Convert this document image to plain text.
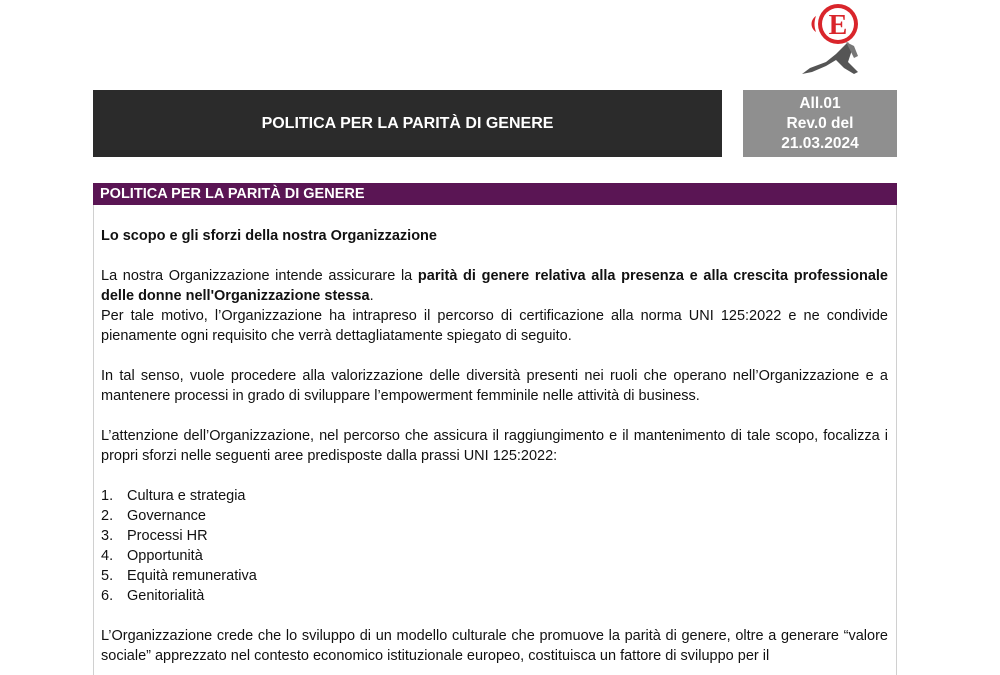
E
POLITICA PER LA PARITÀ DI GENERE
All.01
Rev.0 del
21.03.2024
POLITICA PER LA PARITÀ DI GENERE

Lo scopo e gli sforzi della nostra Organizzazione

La nostra Organizzazione intende assicurare la parità di genere relativa alla presenza e alla crescita professionale delle donne nell'Organizzazione stessa.

Per tale motivo, l’Organizzazione ha intrapreso il percorso di certificazione alla norma UNI 125:2022 e ne condivide pienamente ogni requisito che verrà dettagliatamente spiegato di seguito.

In tal senso, vuole procedere alla valorizzazione delle diversità presenti nei ruoli che operano nell’Organizzazione e a mantenere processi in grado di sviluppare l’empowerment femminile nelle attività di business.

L’attenzione dell’Organizzazione, nel percorso che assicura il raggiungimento e il mantenimento di tale scopo, focalizza i propri sforzi nelle seguenti aree predisposte dalla prassi UNI 125:2022:

1. Cultura e strategia
2. Governance
3. Processi HR
4. Opportunità
5. Equità remunerativa
6. Genitorialità

L’Organizzazione crede che lo sviluppo di un modello culturale che promuove la parità di genere, oltre a generare “valore sociale” apprezzato nel contesto economico istituzionale europeo, costituisca un fattore di sviluppo per il
